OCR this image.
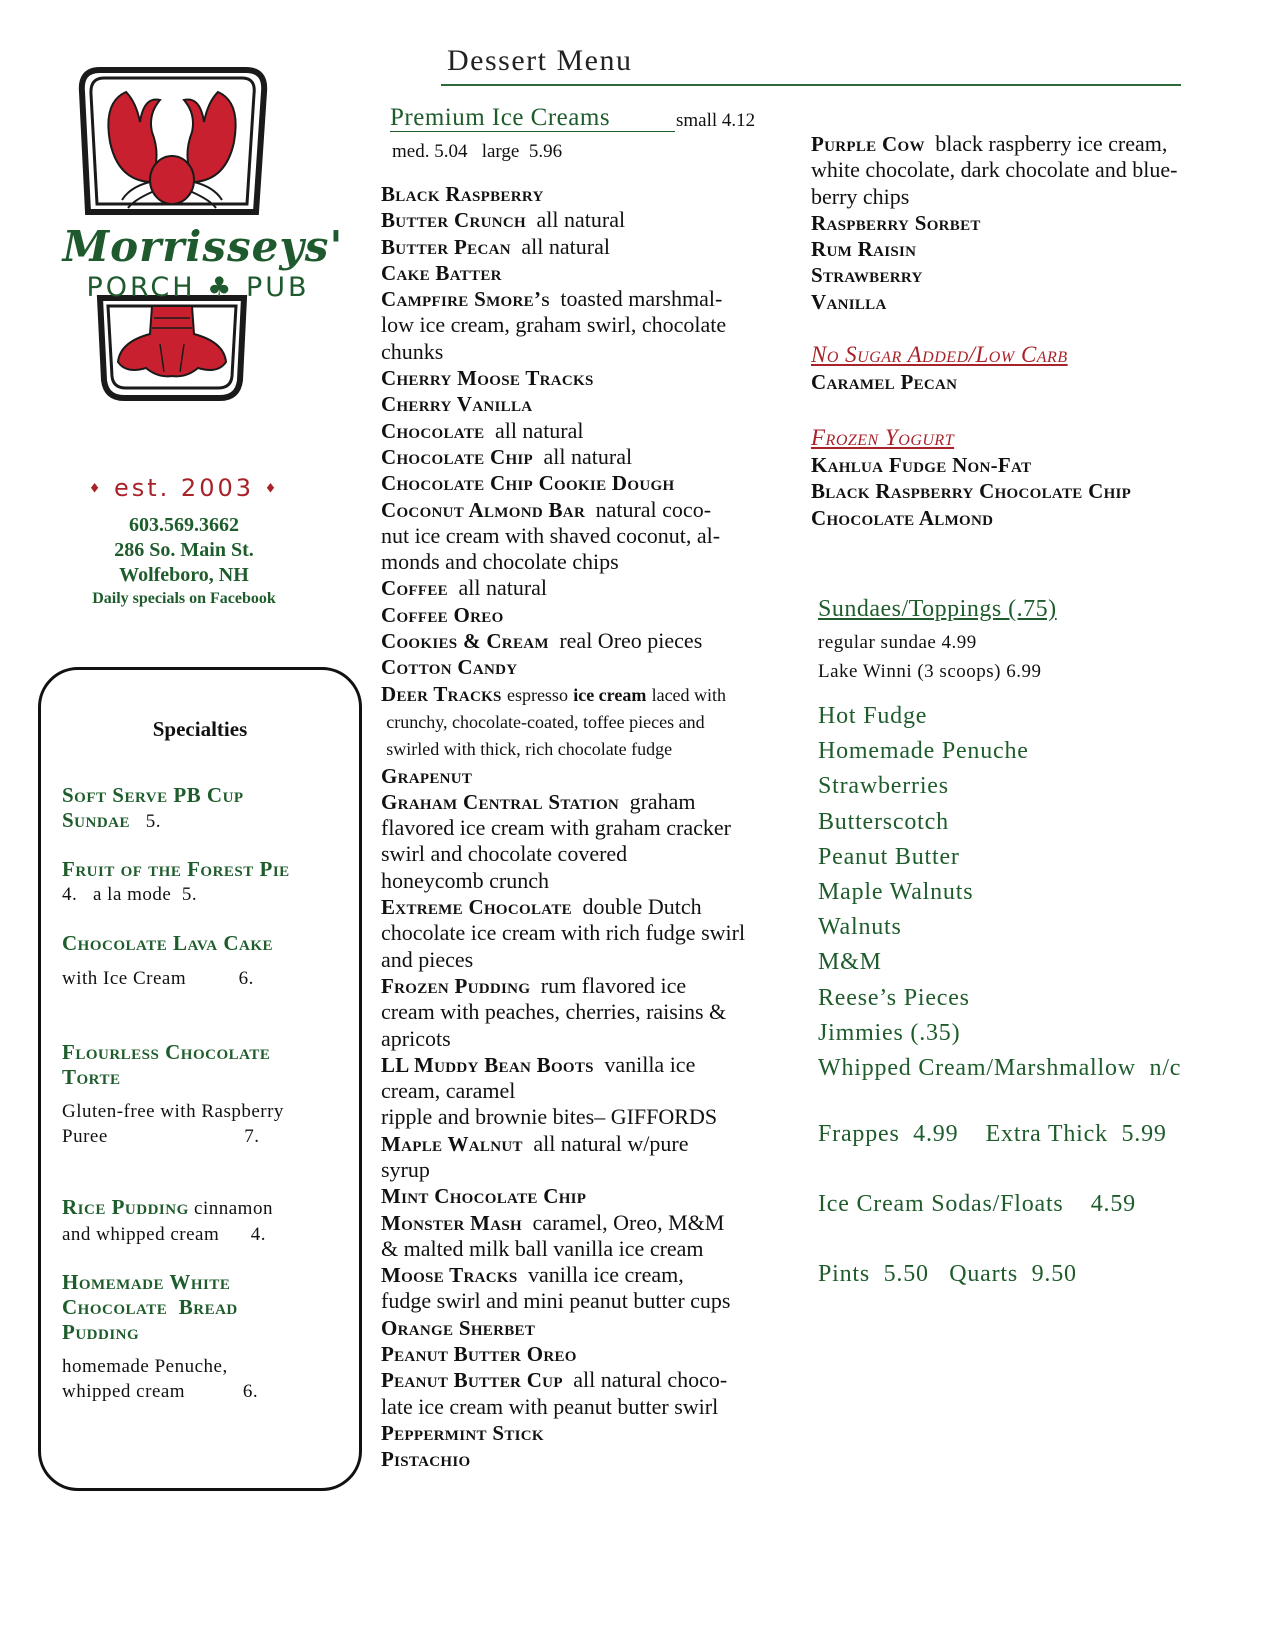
Dessert Menu
Morrisseys'
PORCH ♣ PUB
♦ est. 2003 ♦
603.569.3662
286 So. Main St.
Wolfeboro, NH
Daily specials on Facebook
Specialties
Soft Serve PB Cup
Sundae 5.
Fruit of the Forest Pie
4.   a la mode  5.
Chocolate Lava Cake
with Ice Cream          6.
Flourless Chocolate
Torte
Gluten-free with Raspberry
Puree                          7.
Rice Pudding cinnamon
and whipped cream      4.
Homemade White
Chocolate  Bread
Pudding
homemade Penuche,
whipped cream           6.
Premium Ice Creams	small 4.12
med. 5.04   large  5.96
Black Raspberry
Butter Crunch all natural
Butter Pecan all natural
Cake Batter
Campfire Smore’s toasted marshmal-
low ice cream, graham swirl, chocolate
chunks
Cherry Moose Tracks
Cherry Vanilla
Chocolate all natural
Chocolate Chip all natural
Chocolate Chip Cookie Dough
Coconut Almond Bar natural coco-
nut ice cream with shaved coconut, al-
monds and chocolate chips
Coffee all natural
Coffee Oreo
Cookies & Cream real Oreo pieces
Cotton Candy
Deer Tracks espresso ice cream laced with
crunchy, chocolate-coated, toffee pieces and
swirled with thick, rich chocolate fudge
Grapenut
Graham Central Station graham
flavored ice cream with graham cracker
swirl and chocolate covered
honeycomb crunch
Extreme Chocolate double Dutch
chocolate ice cream with rich fudge swirl
and pieces
Frozen Pudding rum flavored ice
cream with peaches, cherries, raisins &
apricots
LL Muddy Bean Boots vanilla ice
cream, caramel
ripple and brownie bites– GIFFORDS
Maple Walnut all natural w/pure
syrup
Mint Chocolate Chip
Monster Mash caramel, Oreo, M&M
& malted milk ball vanilla ice cream
Moose Tracks vanilla ice cream,
fudge swirl and mini peanut butter cups
Orange Sherbet
Peanut Butter Oreo
Peanut Butter Cup all natural choco-
late ice cream with peanut butter swirl
Peppermint Stick
Pistachio
Purple Cow black raspberry ice cream,
white chocolate, dark chocolate and blue-
berry chips
Raspberry Sorbet
Rum Raisin
Strawberry
Vanilla
No Sugar Added/Low Carb
Caramel Pecan
Frozen Yogurt
Kahlua Fudge Non-Fat
Black Raspberry Chocolate Chip
Chocolate Almond
Sundaes/Toppings (.75)
regular sundae 4.99
Lake Winni (3 scoops) 6.99
Hot Fudge
Homemade Penuche
Strawberries
Butterscotch
Peanut Butter
Maple Walnuts
Walnuts
M&M
Reese’s Pieces
Jimmies (.35)
Whipped Cream/Marshmallow  n/c
Frappes  4.99    Extra Thick  5.99
Ice Cream Sodas/Floats    4.59
Pints  5.50   Quarts  9.50
